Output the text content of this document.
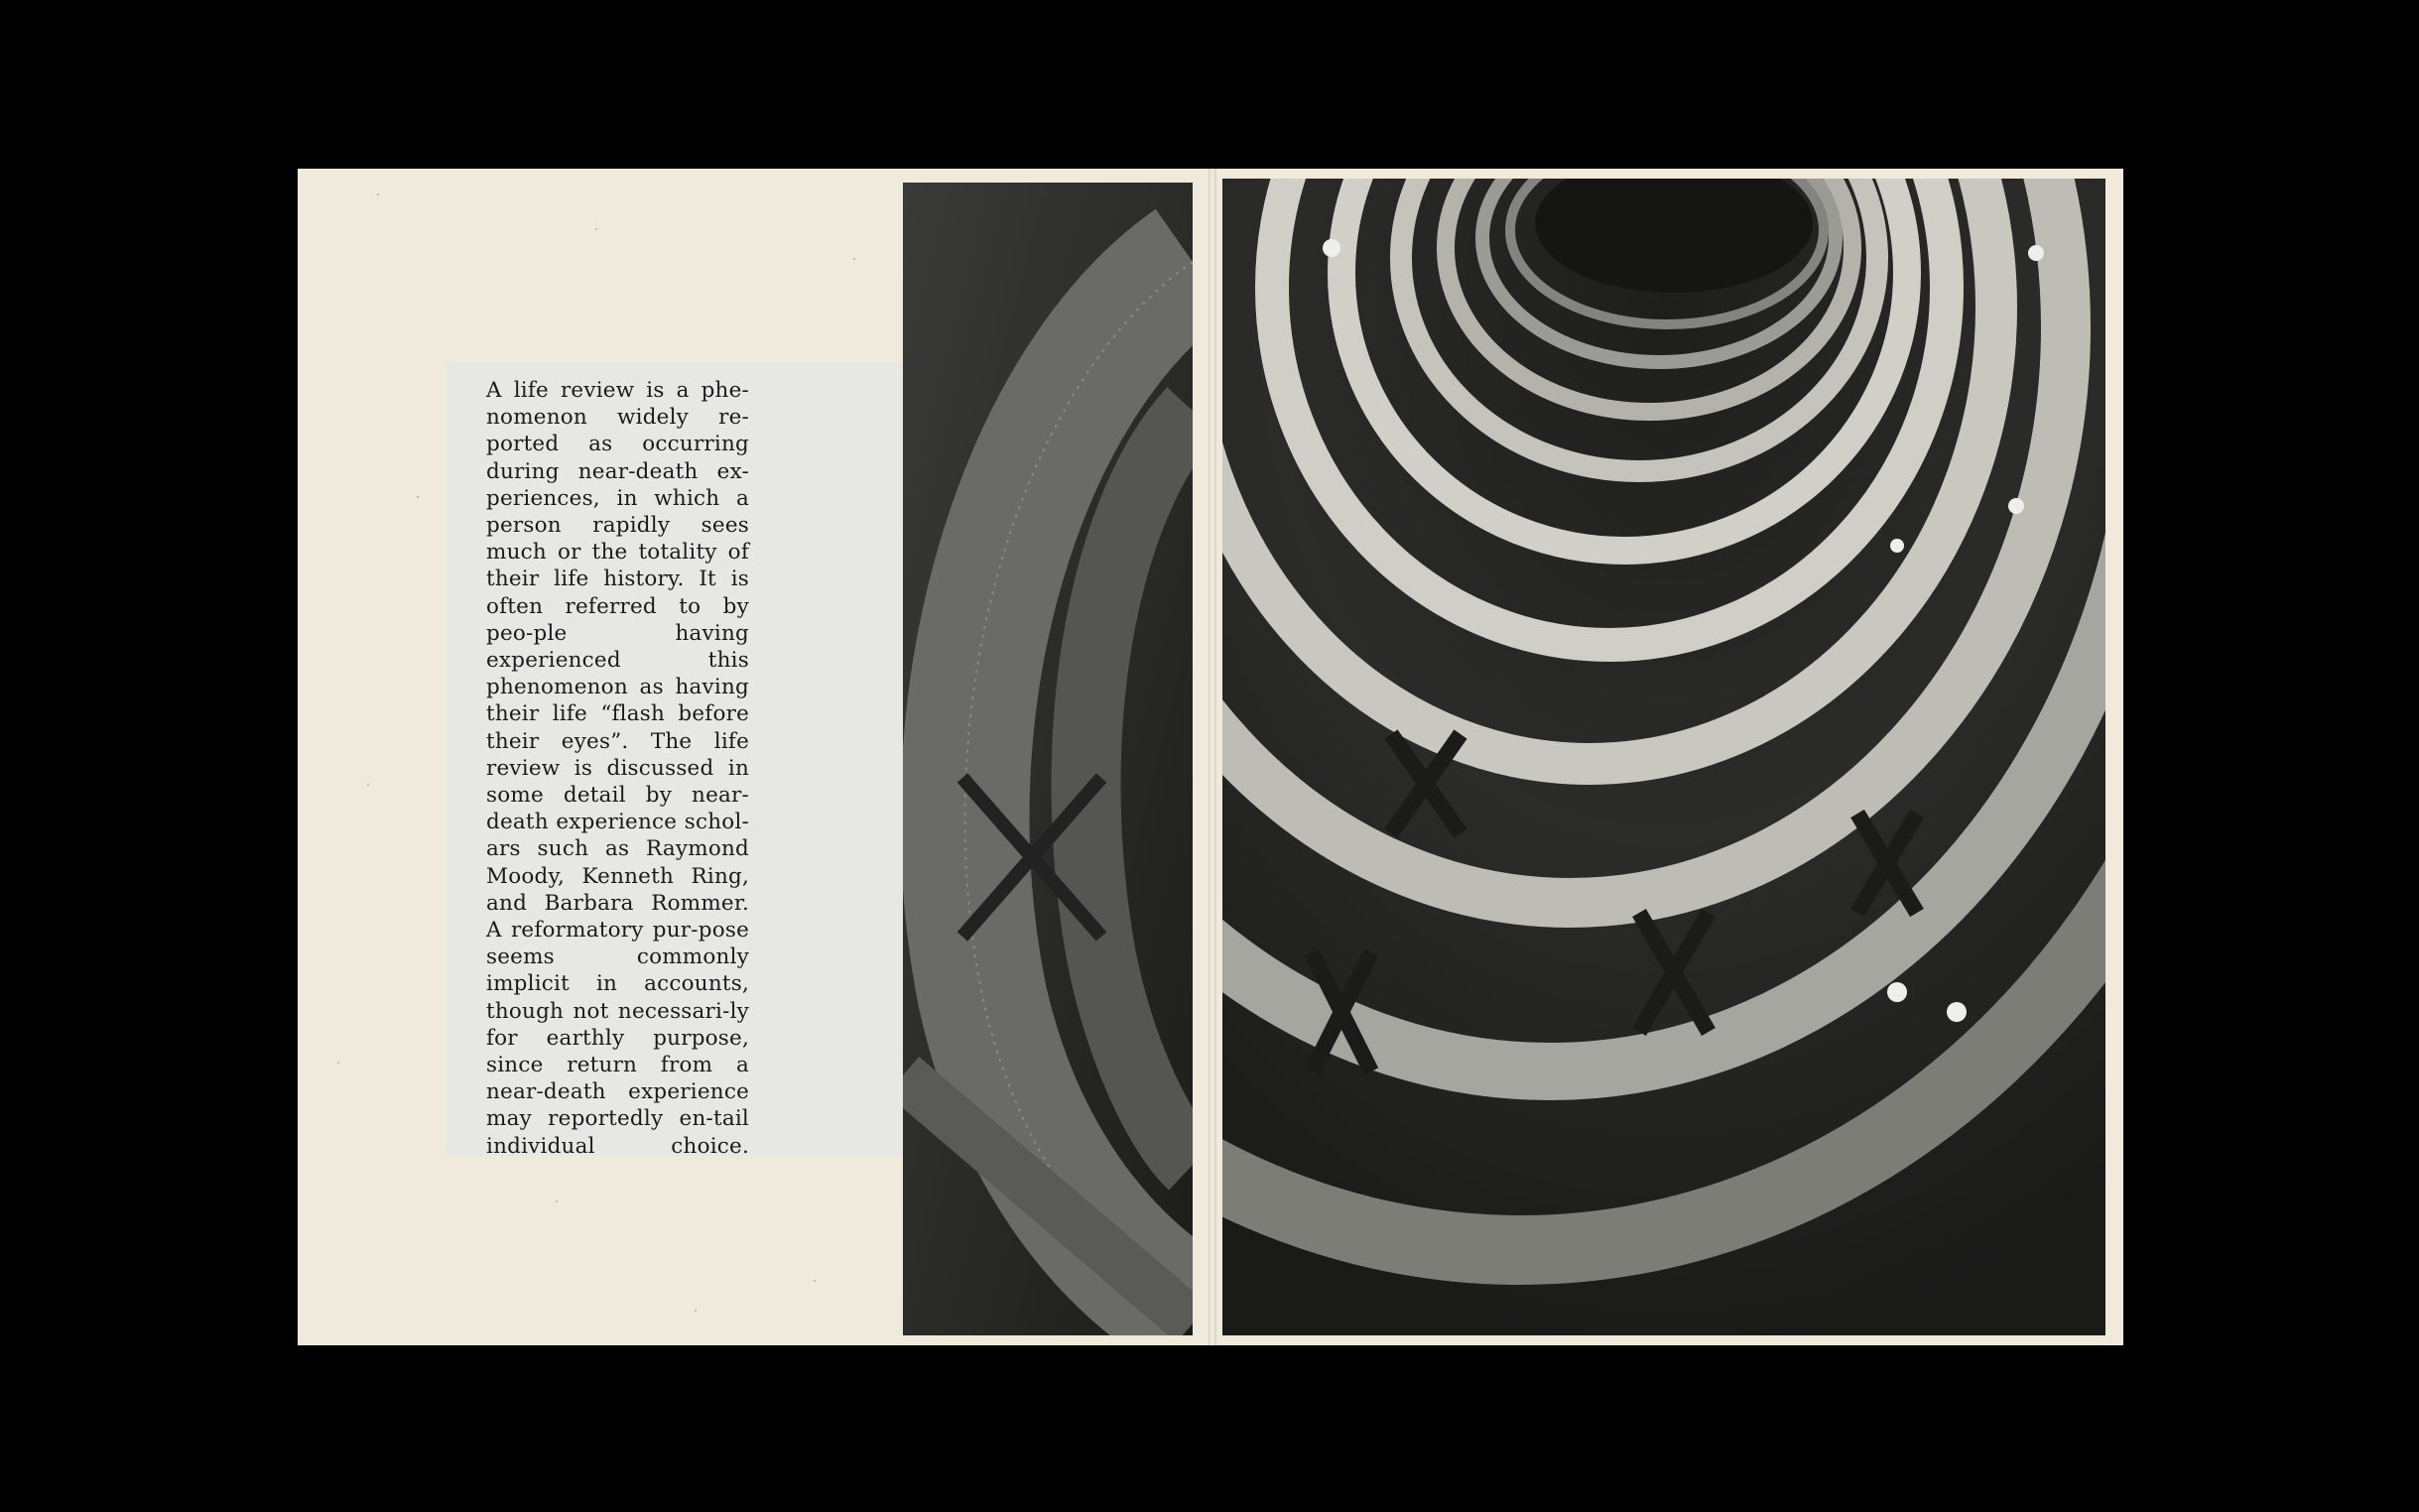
A life review is a phe-nomenon widely re-ported as occurring during near-death ex-periences, in which a person rapidly sees much or the totality of their life history. It is often referred to by peo-ple having experienced this phenomenon as having their life “flash before their eyes”. The life review is discussed in some detail by near-death experience schol-ars such as Raymond Moody, Kenneth Ring, and Barbara Rommer. A reformatory pur-pose seems commonly implicit in accounts, though not necessari-ly for earthly purpose, since return from a near-death experience may reportedly en-tail individual choice.
